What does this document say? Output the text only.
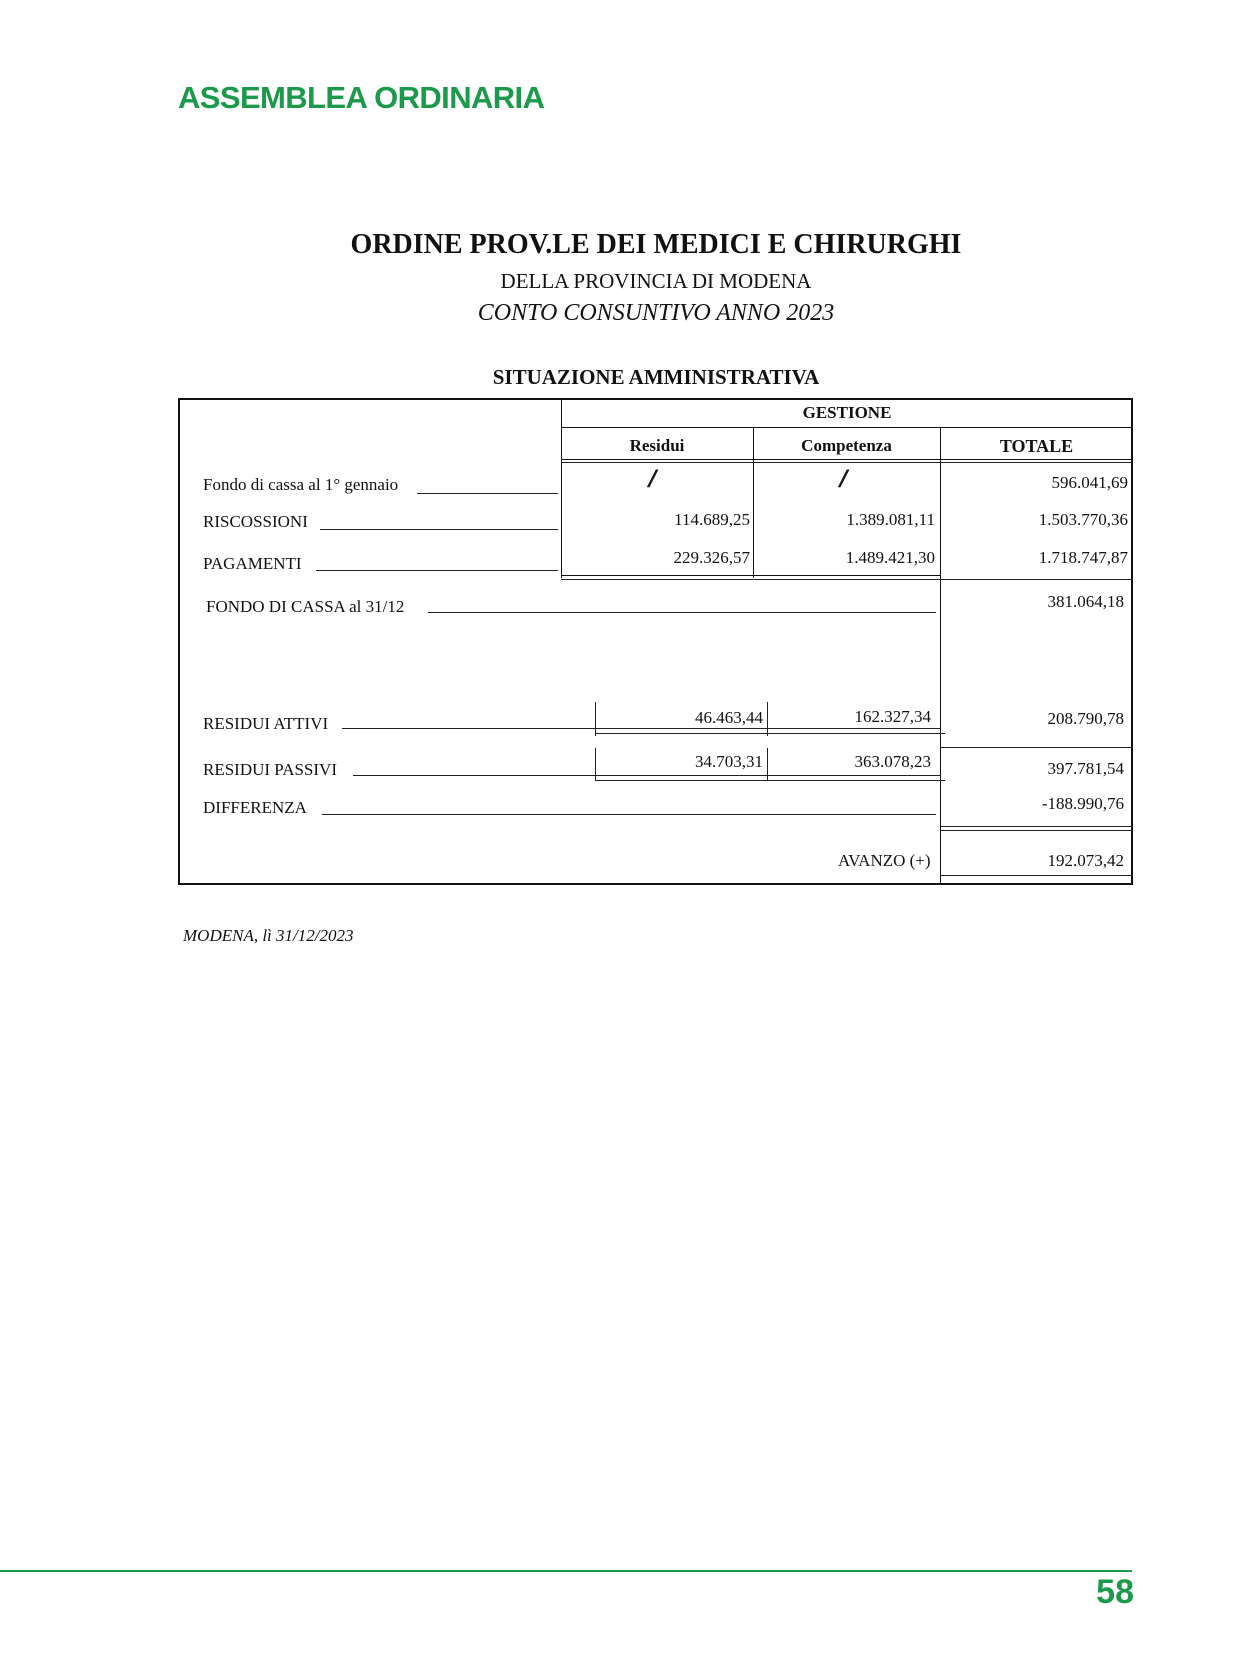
ASSEMBLEA ORDINARIA
ORDINE PROV.LE DEI MEDICI E CHIRURGHI
DELLA PROVINCIA DI MODENA
CONTO CONSUNTIVO ANNO 2023
SITUAZIONE AMMINISTRATIVA
GESTIONE
Residui	Competenza	TOTALE
Fondo di cassa al 1° gennaio	//	//	596.041,69
RISCOSSIONI	114.689,25	1.389.081,11	1.503.770,36
PAGAMENTI	229.326,57	1.489.421,30	1.718.747,87
FONDO DI CASSA al 31/12	381.064,18
RESIDUI ATTIVI	46.463,44	162.327,34	208.790,78
RESIDUI PASSIVI	34.703,31	363.078,23	397.781,54
DIFFERENZA	-188.990,76
AVANZO (+)	192.073,42
MODENA, lì 31/12/2023
58
